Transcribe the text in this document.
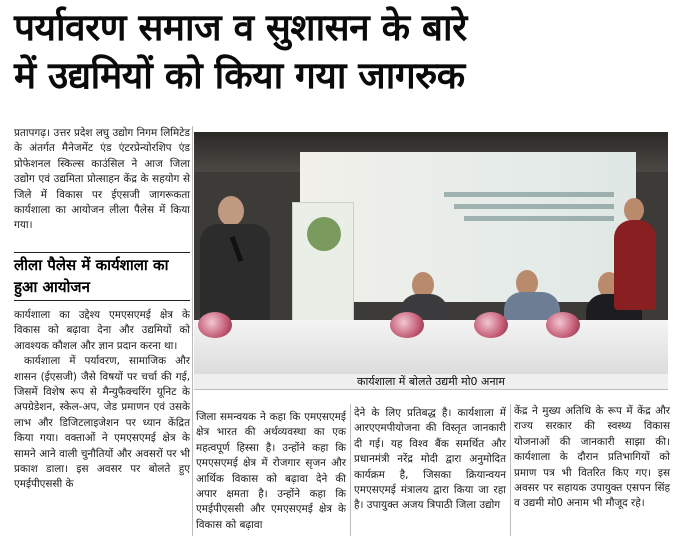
पर्यावरण समाज व सुशासन के बारे
में उद्यमियों को किया गया जागरुक

प्रतापगढ़। उत्तर प्रदेश लघु उद्योग निगम लिमिटेड के अंतर्गत मैनेजमेंट एंड एंटरप्रेन्योरशिप एंड प्रोफेशनल स्किल्स काउंसिल ने आज जिला उद्योग एवं उद्यमिता प्रोत्साहन केंद्र के सहयोग से जिले में विकास पर ईएसजी जागरूकता कार्यशाला का आयोजन लीला पैलेस में किया गया।

लीला पैलेस में कार्यशाला का हुआ आयोजन

कार्यशाला का उद्देश्य एमएसएमई क्षेत्र के विकास को बढ़ावा देना और उद्यमियों को आवश्यक कौशल और ज्ञान प्रदान करना था।

कार्यशाला में पर्यावरण, सामाजिक और शासन (ईएसजी) जैसे विषयों पर चर्चा की गई, जिसमें विशेष रूप से मैन्युफैक्चरिंग यूनिट के अपग्रेडेशन, स्केल-अप, जेड प्रमाणन एवं उसके लाभ और डिजिटलाइजेशन पर ध्यान केंद्रित किया गया। वक्ताओं ने एमएसएमई क्षेत्र के सामने आने वाली चुनौतियों और अवसरों पर भी प्रकाश डाला। इस अवसर पर बोलते हुए एमईपीएससी के

कार्यशाला में बोलते उद्यमी मो0 अनाम

जिला समन्वयक ने कहा कि एमएसएमई क्षेत्र भारत की अर्थव्यवस्था का एक महत्वपूर्ण हिस्सा है। उन्होंने कहा कि एमएसएमई क्षेत्र में रोजगार सृजन और आर्थिक विकास को बढ़ावा देने की अपार क्षमता है। उन्होंने कहा कि एमईपीएससी और एमएसएमई क्षेत्र के विकास को बढ़ावा

देने के लिए प्रतिबद्ध है। कार्यशाला में आरएएमपीयोजना की विस्तृत जानकारी दी गई। यह विश्व बैंक समर्थित और प्रधानमंत्री नरेंद्र मोदी द्वारा अनुमोदित कार्यक्रम है, जिसका क्रियान्वयन एमएसएमई मंत्रालय द्वारा किया जा रहा है। उपायुक्त अजय त्रिपाठी जिला उद्योग

केंद्र ने मुख्य अतिथि के रूप में केंद्र और राज्य सरकार की स्वस्थ्य विकास योजनाओं की जानकारी साझा की। कार्यशाला के दौरान प्रतिभागियों को प्रमाण पत्र भी वितरित किए गए। इस अवसर पर सहायक उपायुक्त एसपन सिंह व उद्यमी मो0 अनाम भी मौजूद रहे।
